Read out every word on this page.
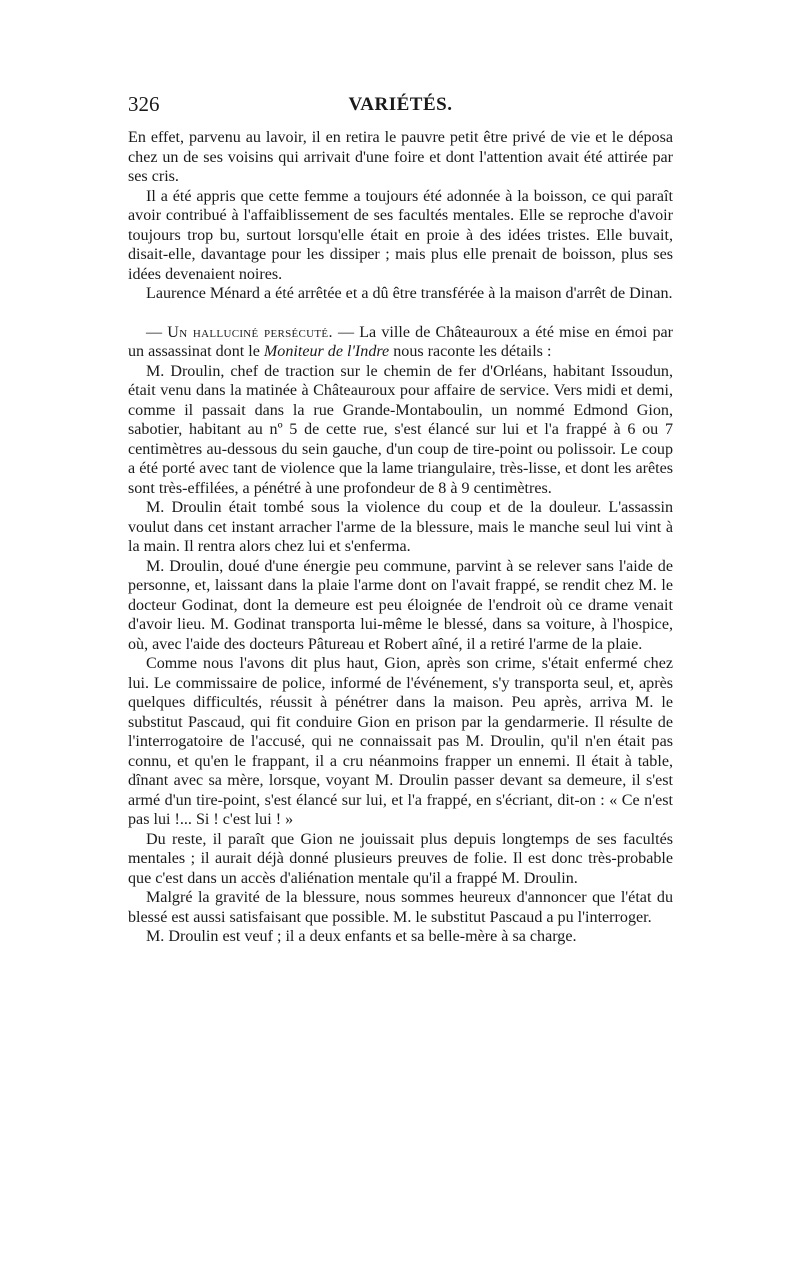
326	VARIÉTÉS.

En effet, parvenu au lavoir, il en retira le pauvre petit être privé de vie et le déposa chez un de ses voisins qui arrivait d'une foire et dont l'attention avait été attirée par ses cris.

Il a été appris que cette femme a toujours été adonnée à la boisson, ce qui paraît avoir contribué à l'affaiblissement de ses facultés mentales. Elle se reproche d'avoir toujours trop bu, surtout lorsqu'elle était en proie à des idées tristes. Elle buvait, disait-elle, davantage pour les dissiper ; mais plus elle prenait de boisson, plus ses idées devenaient noires.

Laurence Ménard a été arrêtée et a dû être transférée à la maison d'arrêt de Dinan.

— Un halluciné persécuté. — La ville de Châteauroux a été mise en émoi par un assassinat dont le Moniteur de l'Indre nous raconte les détails :

M. Droulin, chef de traction sur le chemin de fer d'Orléans, habitant Issoudun, était venu dans la matinée à Châteauroux pour affaire de service. Vers midi et demi, comme il passait dans la rue Grande-Montaboulin, un nommé Edmond Gion, sabotier, habitant au nº 5 de cette rue, s'est élancé sur lui et l'a frappé à 6 ou 7 centimètres au-dessous du sein gauche, d'un coup de tire-point ou polissoir. Le coup a été porté avec tant de violence que la lame triangulaire, très-lisse, et dont les arêtes sont très-effilées, a pénétré à une profondeur de 8 à 9 centimètres.

M. Droulin était tombé sous la violence du coup et de la douleur. L'assassin voulut dans cet instant arracher l'arme de la blessure, mais le manche seul lui vint à la main. Il rentra alors chez lui et s'enferma.

M. Droulin, doué d'une énergie peu commune, parvint à se relever sans l'aide de personne, et, laissant dans la plaie l'arme dont on l'avait frappé, se rendit chez M. le docteur Godinat, dont la demeure est peu éloignée de l'endroit où ce drame venait d'avoir lieu. M. Godinat transporta lui-même le blessé, dans sa voiture, à l'hospice, où, avec l'aide des docteurs Pâtureau et Robert aîné, il a retiré l'arme de la plaie.

Comme nous l'avons dit plus haut, Gion, après son crime, s'était enfermé chez lui. Le commissaire de police, informé de l'événement, s'y transporta seul, et, après quelques difficultés, réussit à pénétrer dans la maison. Peu après, arriva M. le substitut Pascaud, qui fit conduire Gion en prison par la gendarmerie. Il résulte de l'interrogatoire de l'accusé, qui ne connaissait pas M. Droulin, qu'il n'en était pas connu, et qu'en le frappant, il a cru néanmoins frapper un ennemi. Il était à table, dînant avec sa mère, lorsque, voyant M. Droulin passer devant sa demeure, il s'est armé d'un tire-point, s'est élancé sur lui, et l'a frappé, en s'écriant, dit-on : « Ce n'est pas lui !... Si ! c'est lui ! »

Du reste, il paraît que Gion ne jouissait plus depuis longtemps de ses facultés mentales ; il aurait déjà donné plusieurs preuves de folie. Il est donc très-probable que c'est dans un accès d'aliénation mentale qu'il a frappé M. Droulin.

Malgré la gravité de la blessure, nous sommes heureux d'annoncer que l'état du blessé est aussi satisfaisant que possible. M. le substitut Pascaud a pu l'interroger.

M. Droulin est veuf ; il a deux enfants et sa belle-mère à sa charge.
